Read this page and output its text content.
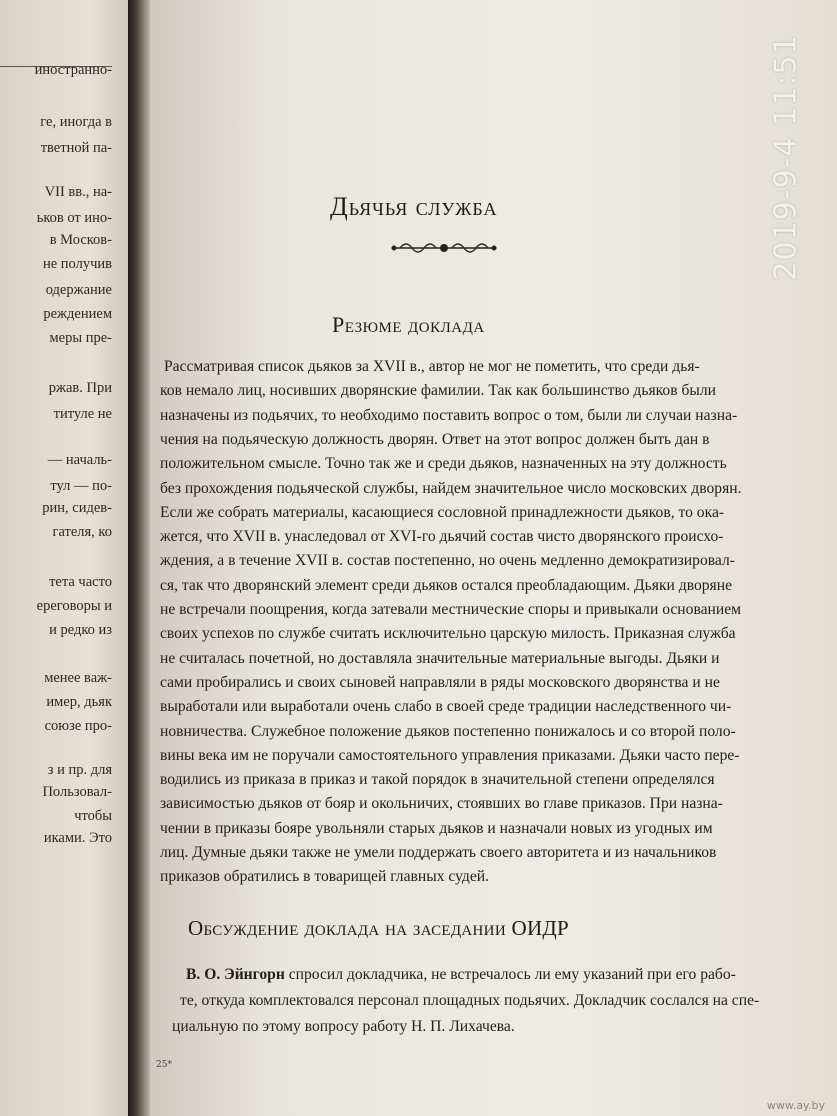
иностранно-
ге, иногда в
тветной па-
VII вв., на-
ьков от ино-
в Москов-
не получив
одержание
реждением
меры пре-
ржав. При
титуле не
— началь-
тул — по-
рин, сидев-
гателя, ко
тета часто
ереговоры и
и редко из
менее важ-
имер, дьяк
союзе про-
з и пр. для
Пользовал-
чтобы
иками. Это
Дьячья служба
Резюме доклада
Рассматривая список дьяков за XVII в., автор не мог не пометить, что среди дья-
ков немало лиц, носивших дворянские фамилии. Так как большинство дьяков были
назначены из подьячих, то необходимо поставить вопрос о том, были ли случаи назна-
чения на подьяческую должность дворян. Ответ на этот вопрос должен быть дан в
положительном смысле. Точно так же и среди дьяков, назначенных на эту должность
без прохождения подьяческой службы, найдем значительное число московских дворян.
Если же собрать материалы, касающиеся сословной принадлежности дьяков, то ока-
жется, что XVII в. унаследовал от XVI-го дьячий состав чисто дворянского происхо-
ждения, а в течение XVII в. состав постепенно, но очень медленно демократизировал-
ся, так что дворянский элемент среди дьяков остался преобладающим. Дьяки дворяне
не встречали поощрения, когда затевали местнические споры и привыкали основанием
своих успехов по службе считать исключительно царскую милость. Приказная служба
не считалась почетной, но доставляла значительные материальные выгоды. Дьяки и
сами пробирались и своих сыновей направляли в ряды московского дворянства и не
выработали или выработали очень слабо в своей среде традиции наследственного чи-
новничества. Служебное положение дьяков постепенно понижалось и со второй поло-
вины века им не поручали самостоятельного управления приказами. Дьяки часто пере-
водились из приказа в приказ и такой порядок в значительной степени определялся
зависимостью дьяков от бояр и окольничих, стоявших во главе приказов. При назна-
чении в приказы бояре увольняли старых дьяков и назначали новых из угодных им
лиц. Думные дьяки также не умели поддержать своего авторитета и из начальников
приказов обратились в товарищей главных судей.
Обсуждение доклада на заседании ОИДР
В. О. Эйнгорн спросил докладчика, не встречалось ли ему указаний при его рабо-
те, откуда комплектовался персонал площадных подьячих. Докладчик сослался на спе-
циальную по этому вопросу работу Н. П. Лихачева.
25*
2019-9-4 11:51
www.ay.by
